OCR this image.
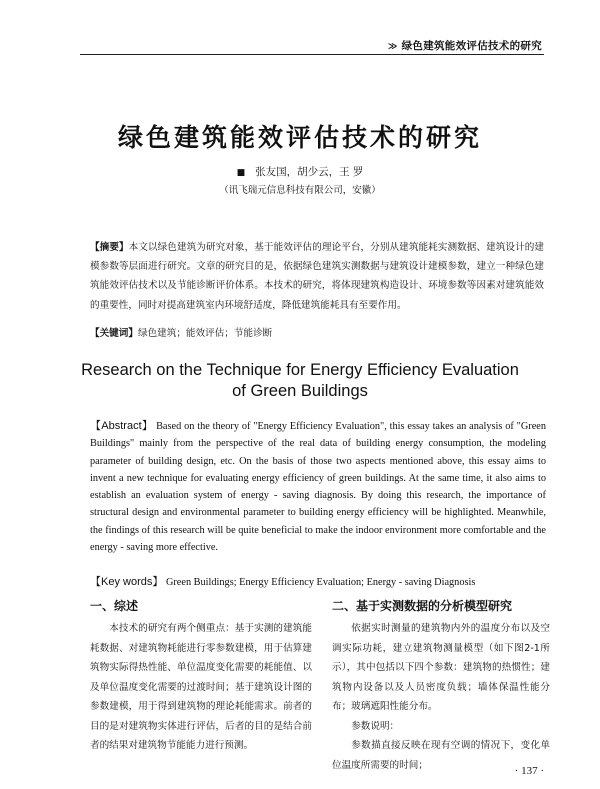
≫ 绿色建筑能效评估技术的研究
绿色建筑能效评估技术的研究
■ 张友国，胡少云，王 罗
（讯飞瑞元信息科技有限公司，安徽）
【摘要】本文以绿色建筑为研究对象，基于能效评估的理论平台，分别从建筑能耗实测数据、建筑设计的建模参数等层面进行研究。文章的研究目的是，依据绿色建筑实测数据与建筑设计建模参数，建立一种绿色建筑能效评估技术以及节能诊断评价体系。本技术的研究，将体现建筑构造设计、环境参数等因素对建筑能效的重要性，同时对提高建筑室内环境舒适度，降低建筑能耗具有至要作用。
【关键词】绿色建筑；能效评估；节能诊断
Research on the Technique for Energy Efficiency Evaluation
of Green Buildings
【Abstract】 Based on the theory of "Energy Efficiency Evaluation", this essay takes an analysis of "Green Buildings" mainly from the perspective of the real data of building energy consumption, the modeling parameter of building design, etc. On the basis of those two aspects mentioned above, this essay aims to invent a new technique for evaluating energy efficiency of green buildings. At the same time, it also aims to establish an evaluation system of energy - saving diagnosis. By doing this research, the importance of structural design and environmental parameter to building energy efficiency will be highlighted. Meanwhile, the findings of this research will be quite beneficial to make the indoor environment more comfortable and the energy - saving more effective.
【Key words】 Green Buildings; Energy Efficiency Evaluation; Energy - saving Diagnosis
一、综述

本技术的研究有两个侧重点：基于实测的建筑能耗数据、对建筑物耗能进行零参数建模，用于估算建筑物实际得热性能、单位温度变化需要的耗能值、以及单位温度变化需要的过渡时间；基于建筑设计图的参数建模，用于得到建筑物的理论耗能需求。前者的目的是对建筑物实体进行评估，后者的目的是结合前者的结果对建筑物节能能力进行预测。

二、基于实测数据的分析模型研究

依据实时测量的建筑物内外的温度分布以及空调实际功耗，建立建筑物测量模型（如下图2-1所示），其中包括以下四个参数：建筑物的热惯性；建筑物内设备以及人员密度负载；墙体保温性能分布；玻璃遮阳性能分布。

参数说明：

参数描直接反映在现有空调的情况下，变化单位温度所需要的时间；	· 137 ·
